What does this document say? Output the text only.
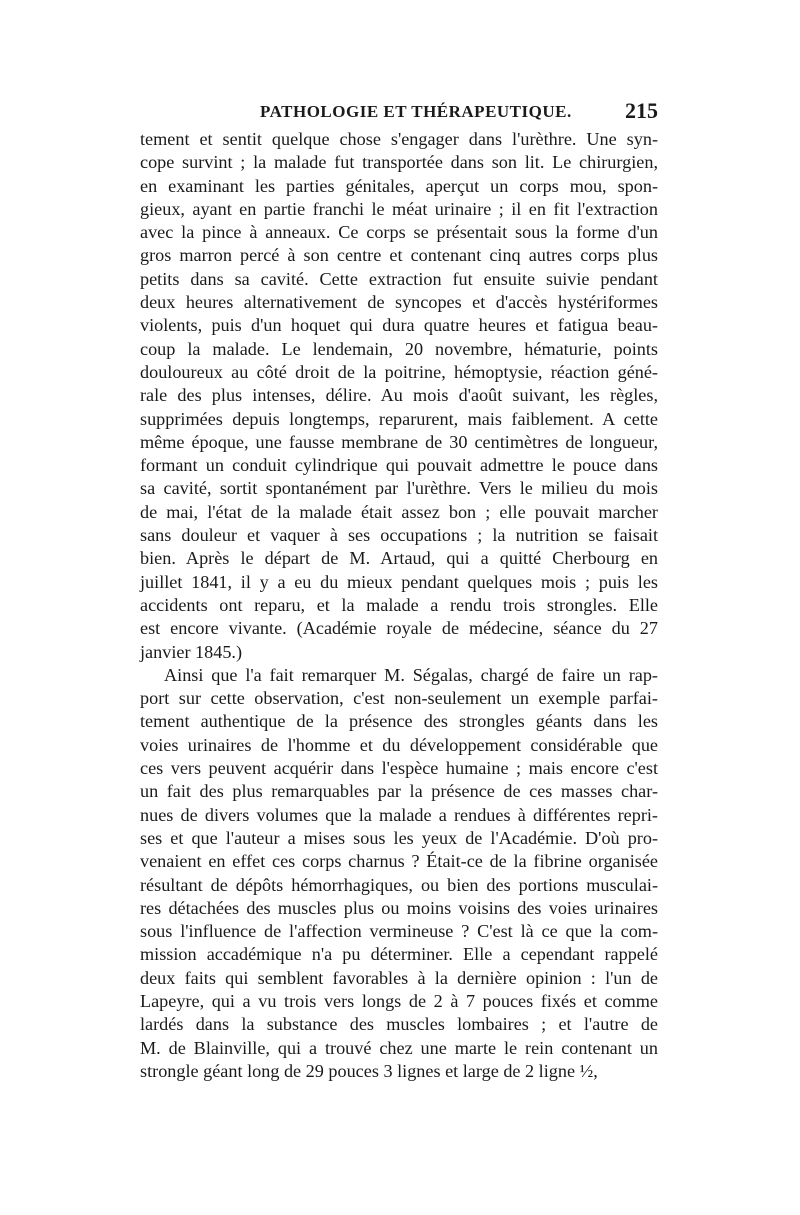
PATHOLOGIE ET THÉRAPEUTIQUE. 215
tement et sentit quelque chose s'engager dans l'urèthre. Une syn-
cope survint ; la malade fut transportée dans son lit. Le chirurgien,
en examinant les parties génitales, aperçut un corps mou, spon-
gieux, ayant en partie franchi le méat urinaire ; il en fit l'extraction
avec la pince à anneaux. Ce corps se présentait sous la forme d'un
gros marron percé à son centre et contenant cinq autres corps plus
petits dans sa cavité. Cette extraction fut ensuite suivie pendant
deux heures alternativement de syncopes et d'accès hystériformes
violents, puis d'un hoquet qui dura quatre heures et fatigua beau-
coup la malade. Le lendemain, 20 novembre, hématurie, points
douloureux au côté droit de la poitrine, hémoptysie, réaction géné-
rale des plus intenses, délire. Au mois d'août suivant, les règles,
supprimées depuis longtemps, reparurent, mais faiblement. A cette
même époque, une fausse membrane de 30 centimètres de longueur,
formant un conduit cylindrique qui pouvait admettre le pouce dans
sa cavité, sortit spontanément par l'urèthre. Vers le milieu du mois
de mai, l'état de la malade était assez bon ; elle pouvait marcher
sans douleur et vaquer à ses occupations ; la nutrition se faisait
bien. Après le départ de M. Artaud, qui a quitté Cherbourg en
juillet 1841, il y a eu du mieux pendant quelques mois ; puis les
accidents ont reparu, et la malade a rendu trois strongles. Elle
est encore vivante. (Académie royale de médecine, séance du 27
janvier 1845.)
Ainsi que l'a fait remarquer M. Ségalas, chargé de faire un rap-
port sur cette observation, c'est non-seulement un exemple parfai-
tement authentique de la présence des strongles géants dans les
voies urinaires de l'homme et du développement considérable que
ces vers peuvent acquérir dans l'espèce humaine ; mais encore c'est
un fait des plus remarquables par la présence de ces masses char-
nues de divers volumes que la malade a rendues à différentes repri-
ses et que l'auteur a mises sous les yeux de l'Académie. D'où pro-
venaient en effet ces corps charnus ? Était-ce de la fibrine organisée
résultant de dépôts hémorrhagiques, ou bien des portions musculai-
res détachées des muscles plus ou moins voisins des voies urinaires
sous l'influence de l'affection vermineuse ? C'est là ce que la com-
mission accadémique n'a pu déterminer. Elle a cependant rappelé
deux faits qui semblent favorables à la dernière opinion : l'un de
Lapeyre, qui a vu trois vers longs de 2 à 7 pouces fixés et comme
lardés dans la substance des muscles lombaires ; et l'autre de
M. de Blainville, qui a trouvé chez une marte le rein contenant un
strongle géant long de 29 pouces 3 lignes et large de 2 ligne ½,
